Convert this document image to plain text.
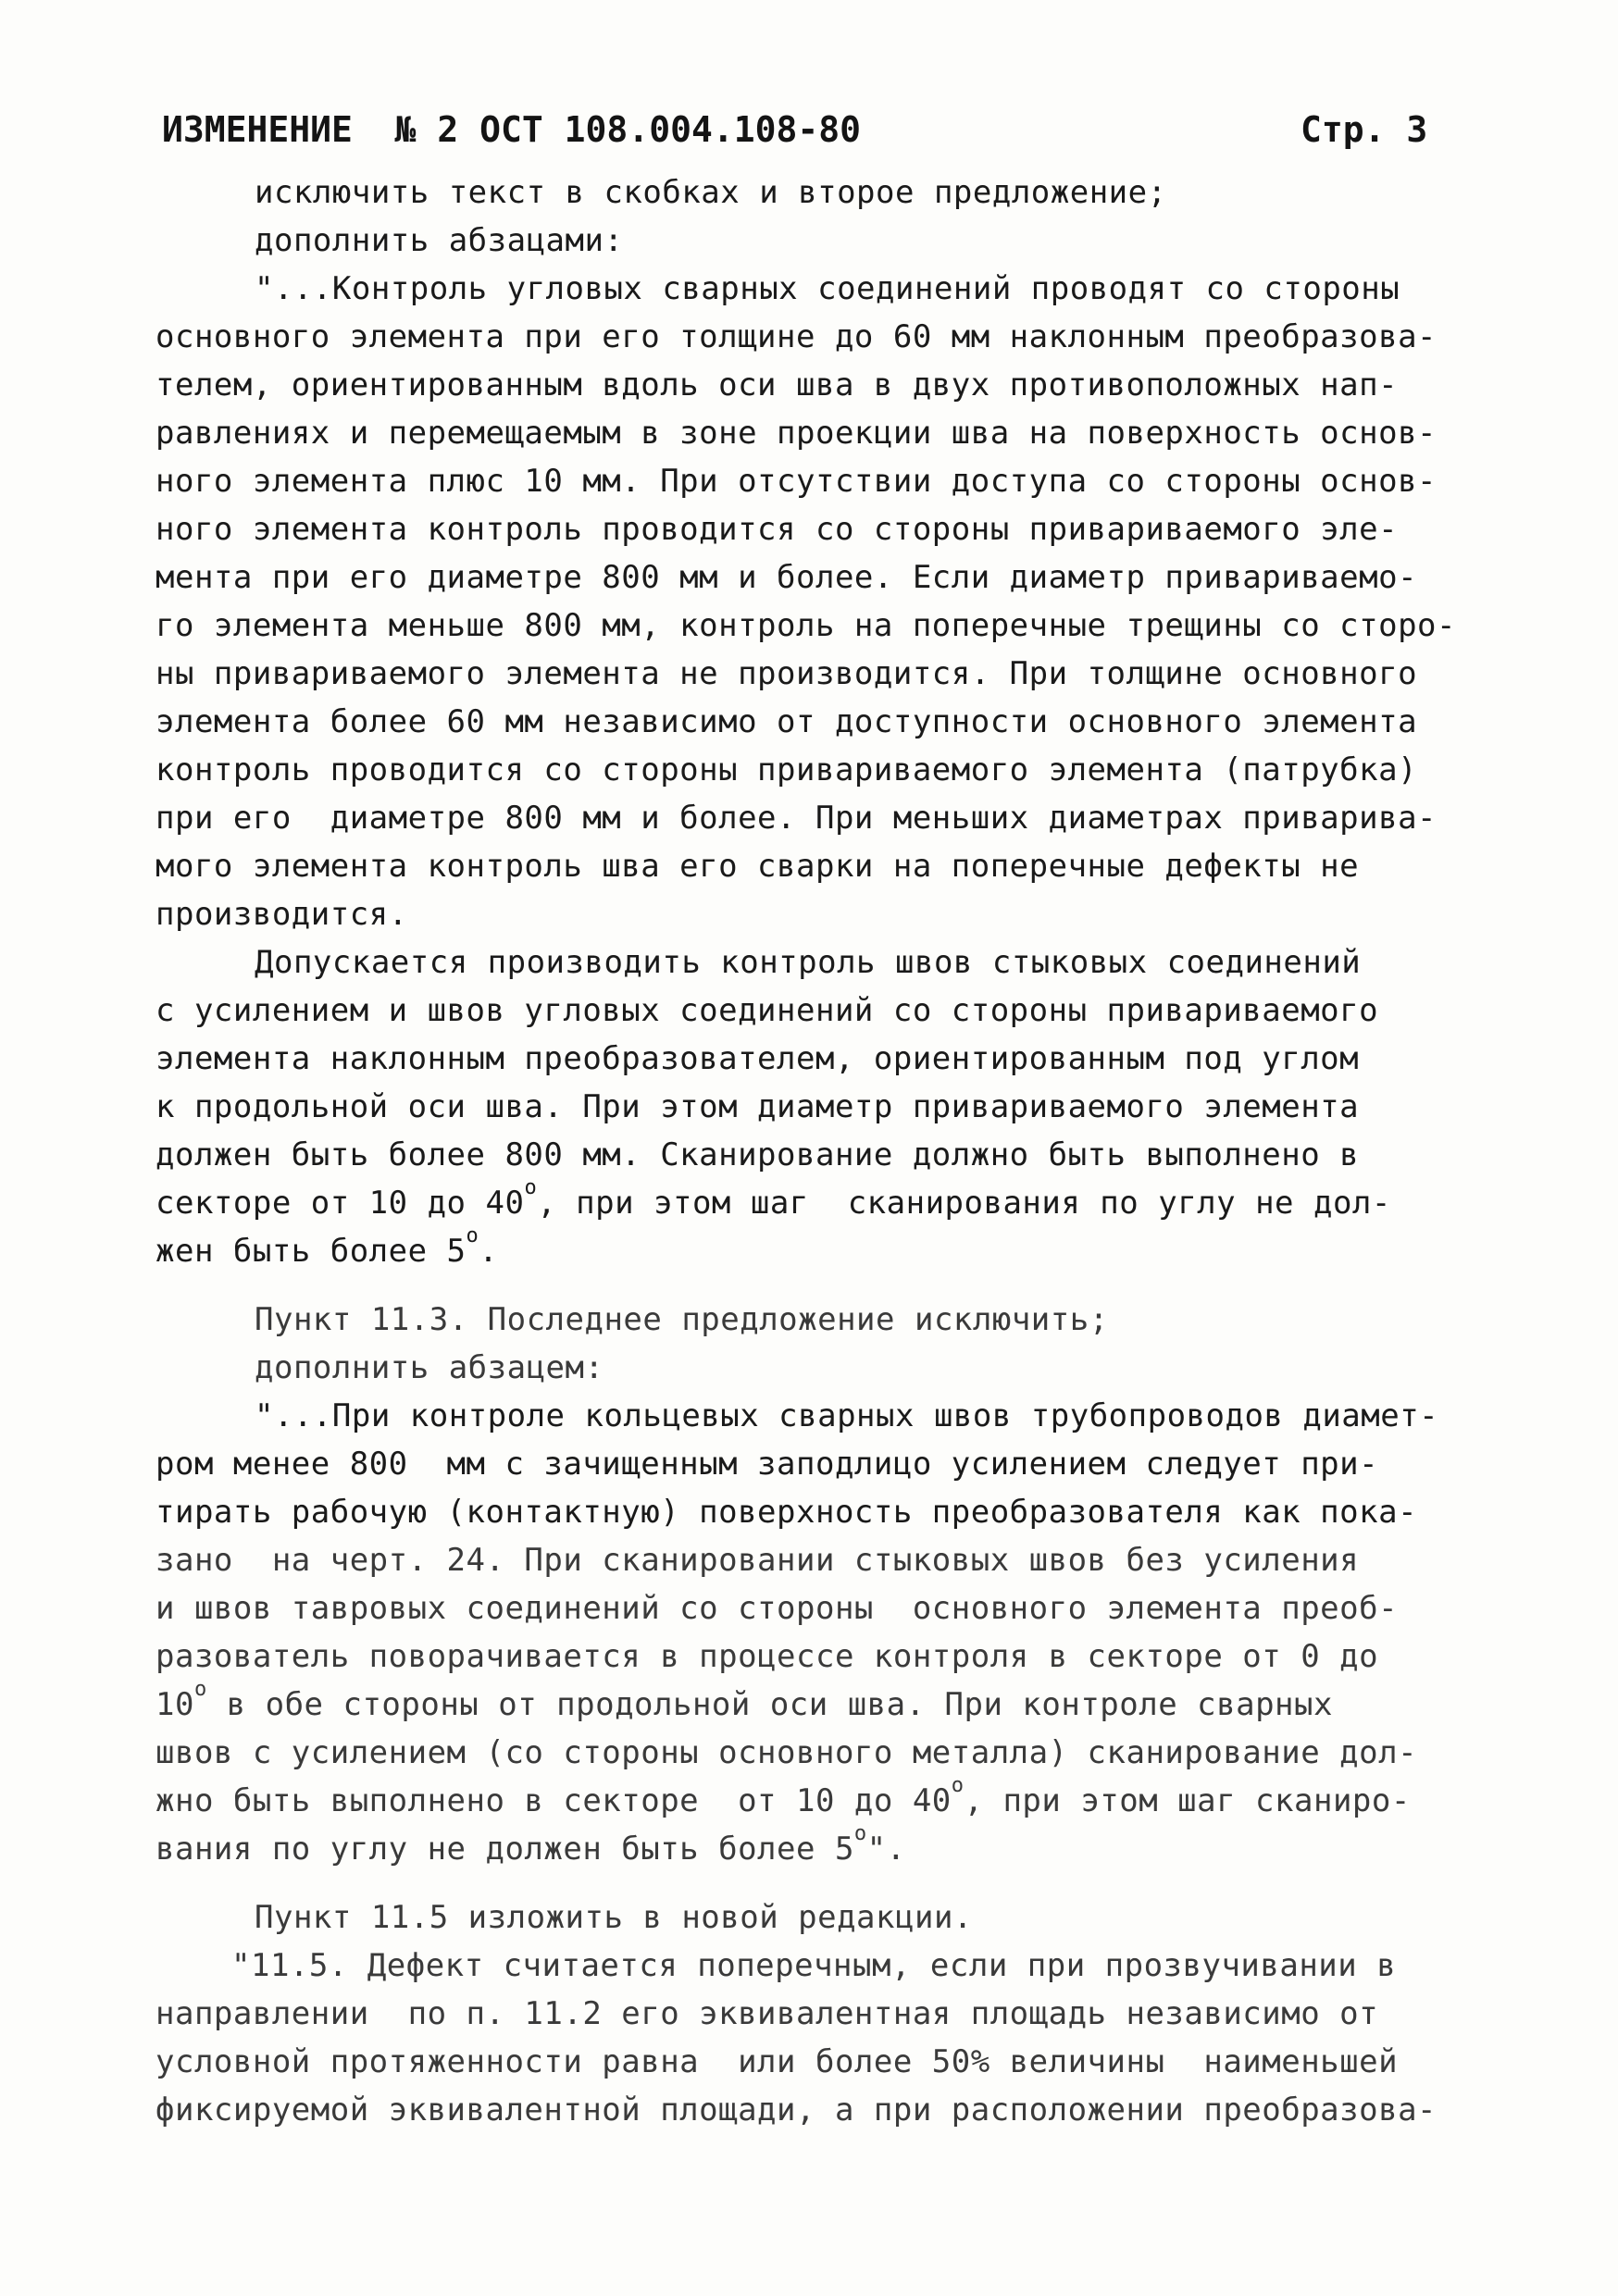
ИЗМЕНЕНИЕ  № 2 ОСТ 108.004.108-80	Стр. 3
исключить текст в скобках и второе предложение;
дополнить абзацами:
"...Контроль угловых сварных соединений проводят со стороны
основного элемента при его толщине до 60 мм наклонным преобразова-
телем, ориентированным вдоль оси шва в двух противоположных нап-
равлениях и перемещаемым в зоне проекции шва на поверхность основ-
ного элемента плюс 10 мм. При отсутствии доступа со стороны основ-
ного элемента контроль проводится со стороны привариваемого эле-
мента при его диаметре 800 мм и более. Если диаметр привариваемо-
го элемента меньше 800 мм, контроль на поперечные трещины со сторо-
ны привариваемого элемента не производится. При толщине основного
элемента более 60 мм независимо от доступности основного элемента
контроль проводится со стороны привариваемого элемента (патрубка)
при его  диаметре 800 мм и более. При меньших диаметрах приварива-
мого элемента контроль шва его сварки на поперечные дефекты не
производится.
Допускается производить контроль швов стыковых соединений
с усилением и швов угловых соединений со стороны привариваемого
элемента наклонным преобразователем, ориентированным под углом
к продольной оси шва. При этом диаметр привариваемого элемента
должен быть более 800 мм. Сканирование должно быть выполнено в
секторе от 10 до 40$^o$, при этом шаг  сканирования по углу не дол-
жен быть более 5$^o$.
Пункт 11.3. Последнее предложение исключить;
дополнить абзацем:
"...При контроле кольцевых сварных швов трубопроводов диамет-
ром менее 800  мм с зачищенным заподлицо усилением следует при-
тирать рабочую (контактную) поверхность преобразователя как пока-
зано  на черт. 24. При сканировании стыковых швов без усиления
и швов тавровых соединений со стороны  основного элемента преоб-
разователь поворачивается в процессе контроля в секторе от 0 до
10$^o$ в обе стороны от продольной оси шва. При контроле сварных
швов с усилением (со стороны основного металла) сканирование дол-
жно быть выполнено в секторе  от 10 до 40$^o$, при этом шаг сканиро-
вания по углу не должен быть более 5$^o$".
Пункт 11.5 изложить в новой редакции.
"11.5. Дефект считается поперечным, если при прозвучивании в
направлении  по п. 11.2 его эквивалентная площадь независимо от
условной протяженности равна  или более 50% величины  наименьшей
фиксируемой эквивалентной площади, а при расположении преобразова-
